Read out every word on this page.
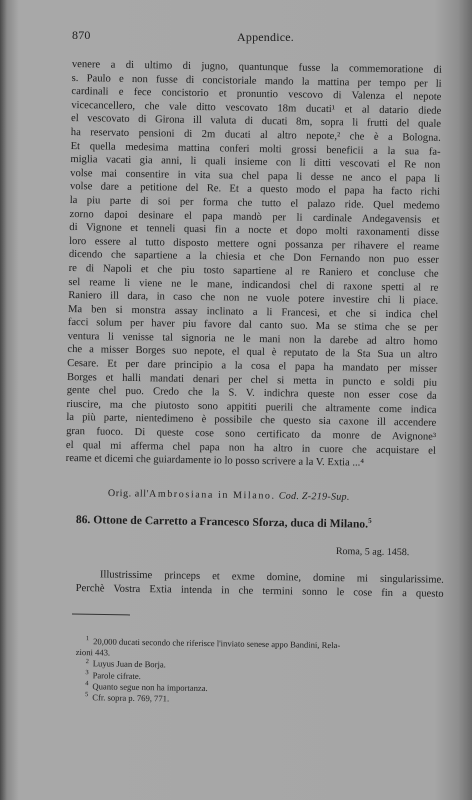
870	Appendice.
venere a di ultimo di jugno, quantunque fusse la commemoratione di
s. Paulo e non fusse di concistoriale mando la mattina per tempo per li
cardinali e fece concistorio et pronuntio vescovo di Valenza el nepote
vicecancellero, che vale ditto vescovato 18m ducati¹ et al datario diede
el vescovato di Girona ill valuta di ducati 8m, sopra li frutti del quale
ha reservato pensioni di 2m ducati al altro nepote,² che è a Bologna.
Et quella medesima mattina conferi molti grossi beneficii a la sua fa-
miglia vacati gia anni, li quali insieme con li ditti vescovati el Re non
volse mai consentire in vita sua chel papa li desse ne anco el papa li
volse dare a petitione del Re. Et a questo modo el papa ha facto richi
la piu parte di soi per forma che tutto el palazo ride. Quel medemo
zorno dapoi desinare el papa mandò per li cardinale Andegavensis et
di Vignone et tenneli quasi fin a nocte et dopo molti raxonamenti disse
loro essere al tutto disposto mettere ogni possanza per rihavere el reame
dicendo che sapartiene a la chiesia et che Don Fernando non puo esser
re di Napoli et che piu tosto sapartiene al re Raniero et concluse che
sel reame li viene ne le mane, indicandosi chel di raxone spetti al re
Raniero ill dara, in caso che non ne vuole potere investire chi li piace.
Ma ben si monstra assay inclinato a li Francesi, et che si indica chel
facci solum per haver piu favore dal canto suo. Ma se stima che se per
ventura li venisse tal signoria ne le mani non la darebe ad altro homo
che a misser Borges suo nepote, el qual è reputato de la Sta Sua un altro
Cesare. Et per dare principio a la cosa el papa ha mandato per misser
Borges et halli mandati denari per chel si metta in puncto e soldi piu
gente chel puo. Credo che la S. V. indichra queste non esser cose da
riuscire, ma che piutosto sono appititi puerili che altramente come indica
la più parte, nientedimeno è possibile che questo sia caxone ill accendere
gran fuoco. Di queste cose sono certificato da monre de Avignone³
el qual mi afferma chel papa non ha altro in cuore che acquistare el
reame et dicemi che guiardamente io lo posso scrivere a la V. Extia ...⁴
Orig. all'Ambrosiana in Milano. Cod. Z-219-Sup.
86. Ottone de Carretto a Francesco Sforza, duca di Milano.$^5$
Roma, 5 ag. 1458.
Illustrissime princeps et exme domine, domine mi singularissime.
Perchè Vostra Extia intenda in che termini sonno le cose fin a questo
$^1$ 20,000 ducati secondo che riferisce l'inviato senese appo Bandini, Rela-
zioni 443.
$^2$ Luyus Juan de Borja.
$^3$ Parole cifrate.
$^4$ Quanto segue non ha importanza.
$^5$ Cfr. sopra p. 769, 771.
